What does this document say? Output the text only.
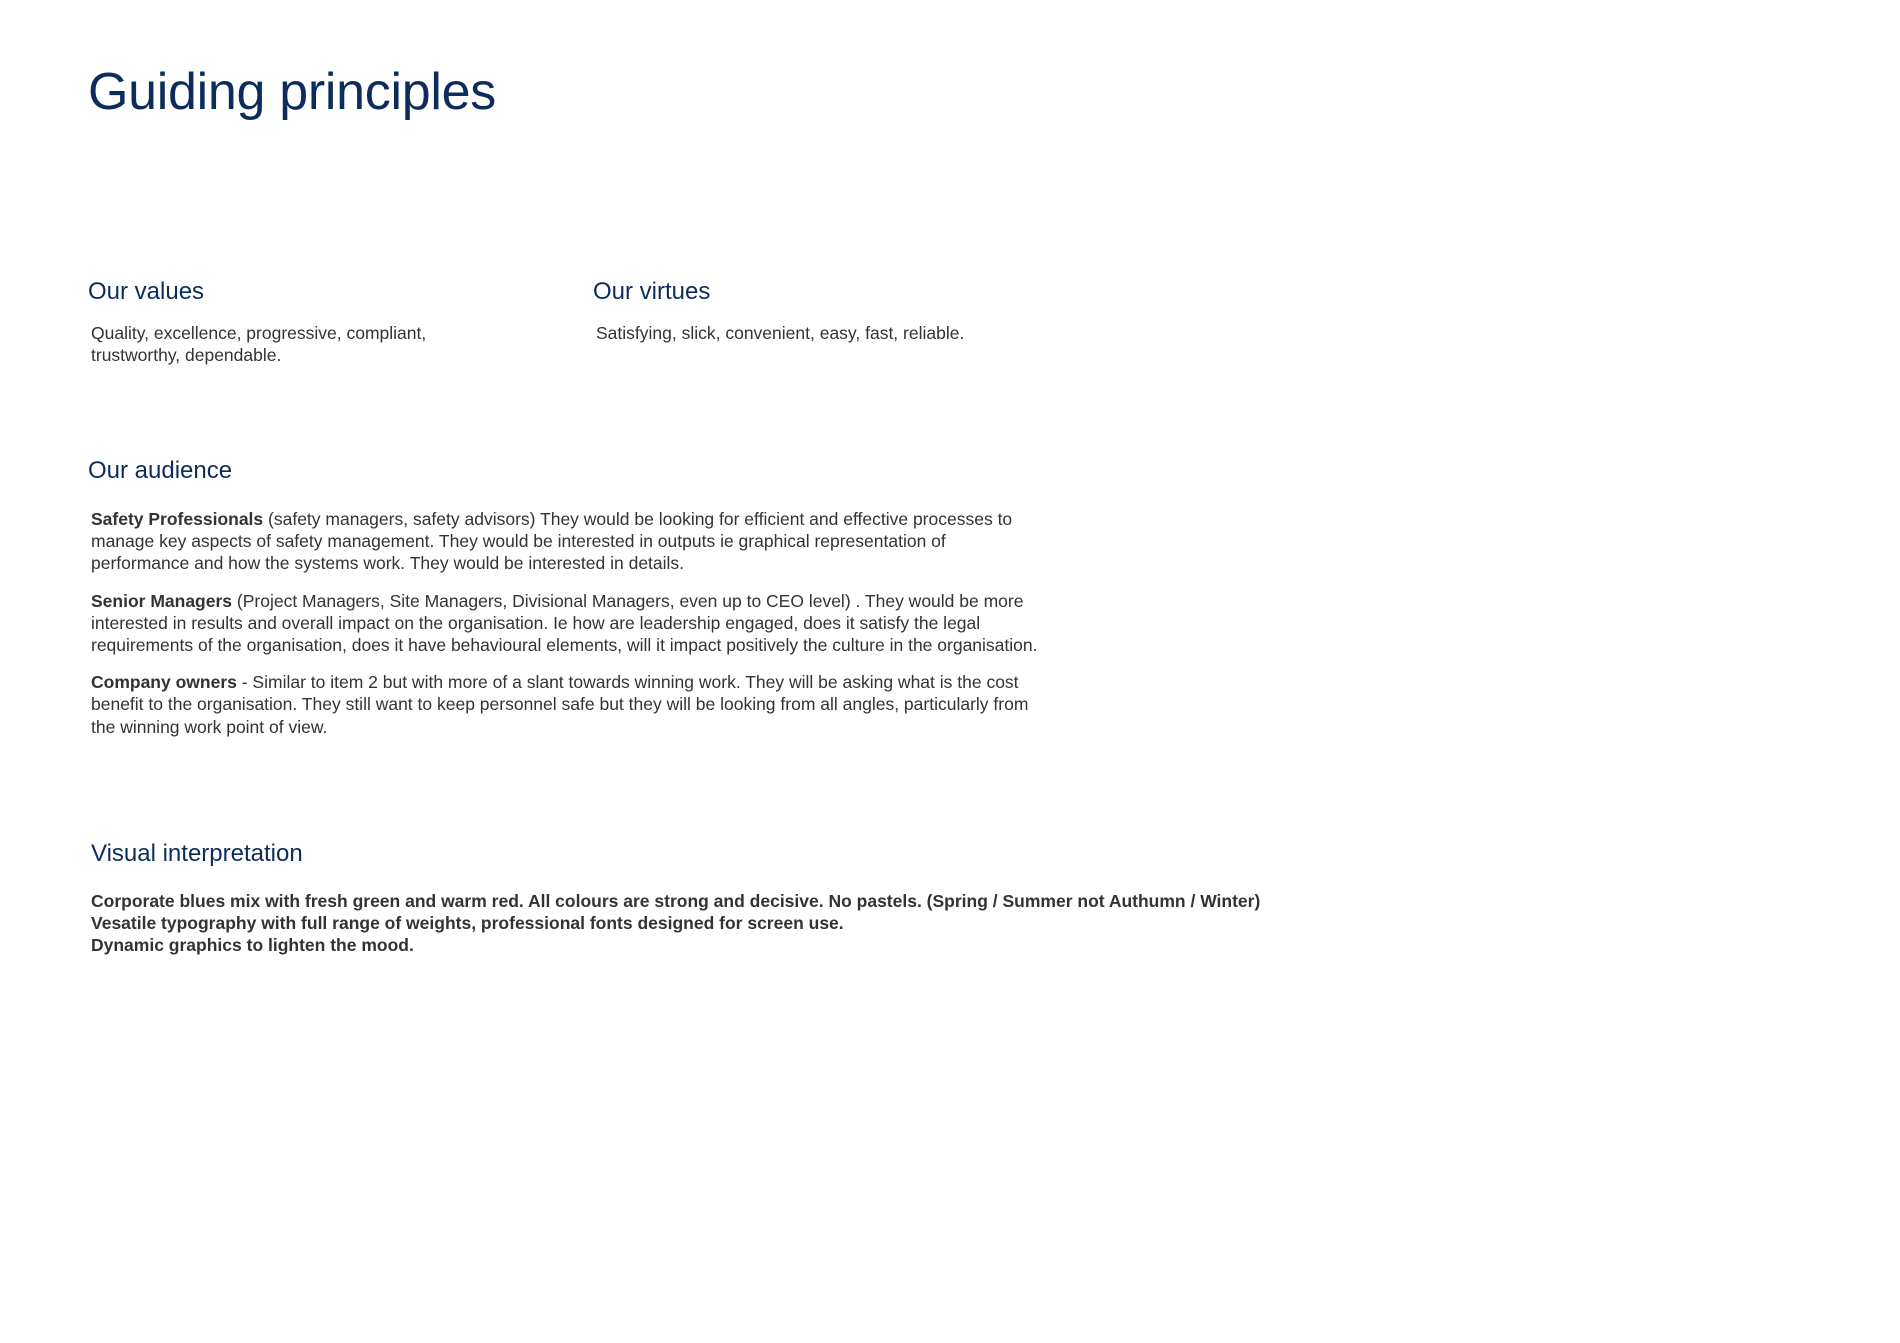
Guiding principles
Our values

Quality, excellence, progressive, compliant, trustworthy, dependable.

Our virtues

Satisfying, slick, convenient, easy, fast, reliable.

Our audience

Safety Professionals (safety managers, safety advisors) They would be looking for efficient and effective processes to manage key aspects of safety management. They would be interested in outputs ie graphical representation of performance and how the systems work. They would be interested in details.

Senior Managers (Project Managers, Site Managers, Divisional Managers, even up to CEO level) . They would be more interested in results and overall impact on the organisation. Ie how are leadership engaged, does it satisfy the legal requirements of the organisation, does it have behavioural elements, will it impact positively the culture in the organisation.

Company owners - Similar to item 2 but with more of a slant towards winning work. They will be asking what is the cost benefit to the organisation. They still want to keep personnel safe but they will be looking from all angles, particularly from the winning work point of view.

Visual interpretation
Corporate blues mix with fresh green and warm red. All colours are strong and decisive. No pastels. (Spring / Summer not Authumn / Winter)
Vesatile typography with full range of weights, professional fonts designed for screen use.
Dynamic graphics to lighten the mood.
